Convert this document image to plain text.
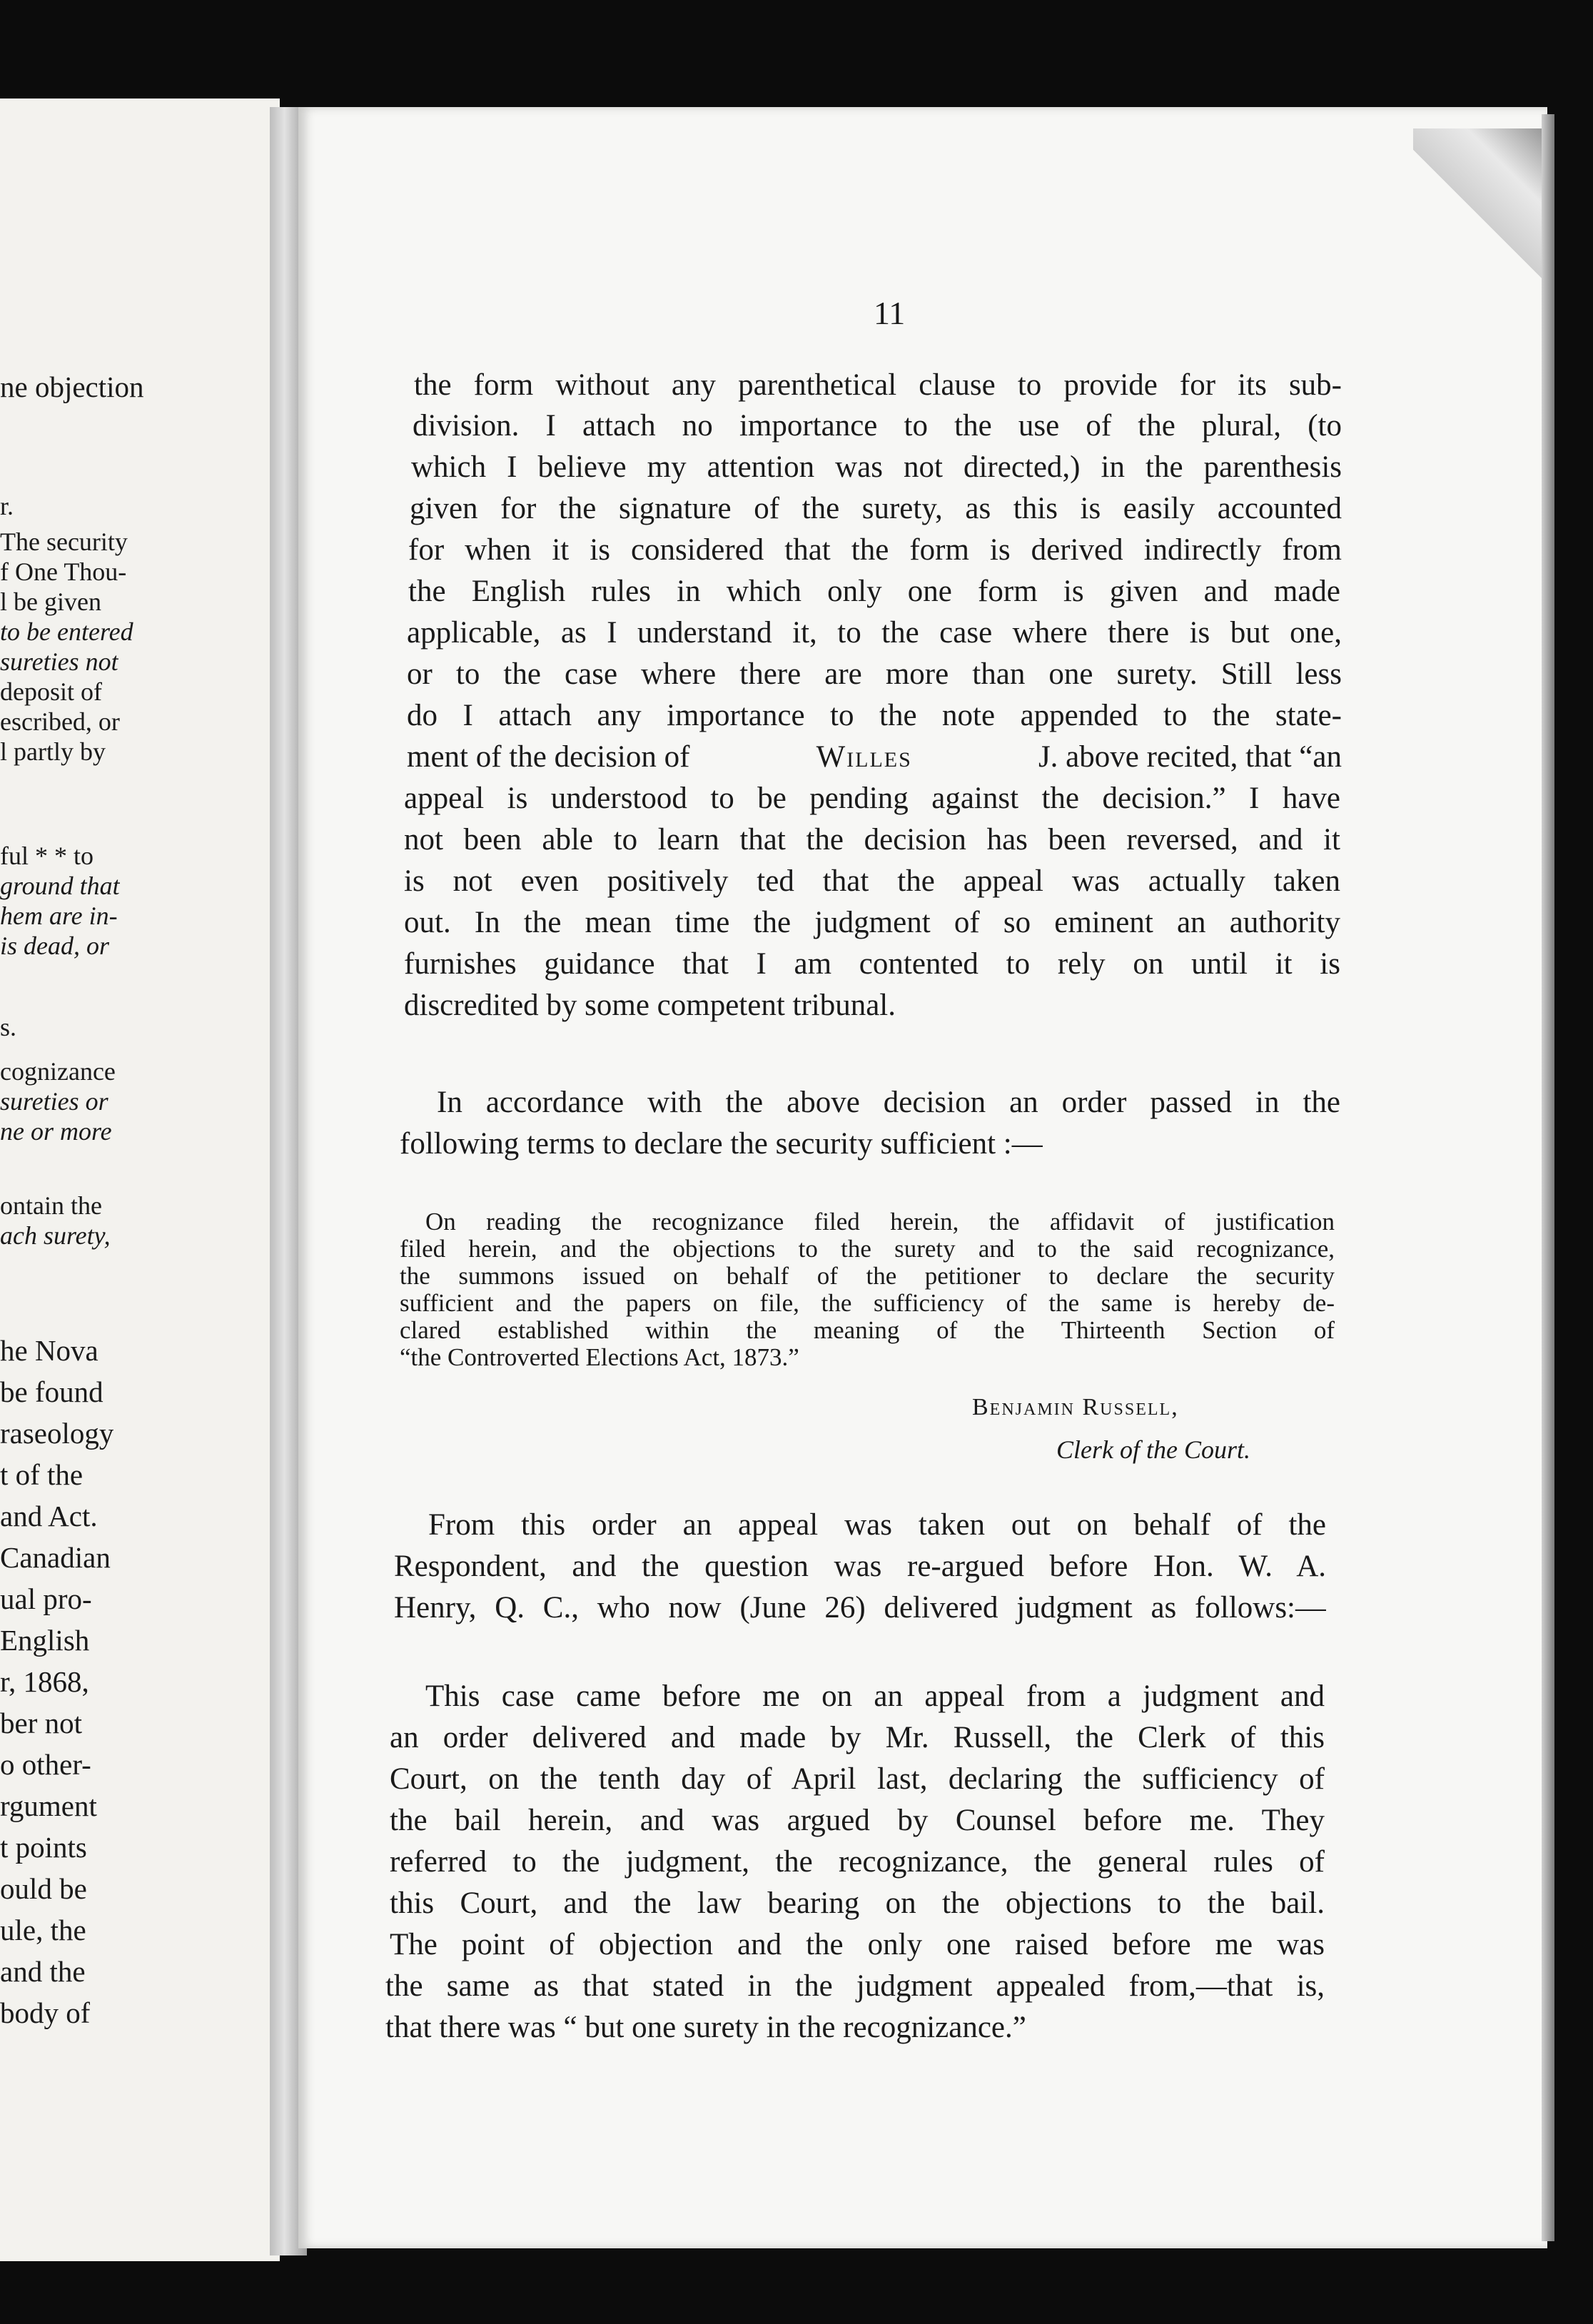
ne objection
r.
The security
f One Thou-
l be given
to be entered
sureties not
deposit of
escribed, or
l partly by
ful * * to
ground that
hem are in-
is dead, or
s.
cognizance
sureties or
ne or more
ontain the
ach surety,
he Nova
be found
raseology
t of the
and Act.
Canadian
ual pro-
English
r, 1868,
ber not
o other-
rgument
t points
ould be
ule, the
and the
body of
11
the form without any parenthetical clause to provide for its sub-
division. I attach no importance to the use of the plural, (to
which I believe my attention was not directed,) in the parenthesis
given for the signature of the surety, as this is easily accounted
for when it is considered that the form is derived indirectly from
the English rules in which only one form is given and made
applicable, as I understand it, to the case where there is but one,
or to the case where there are more than one surety. Still less
do I attach any importance to the note appended to the state-
ment of the decision of	Willes	J. above recited, that “an
appeal is understood to be pending against the decision.” I have
not been able to learn that the decision has been reversed, and it
is not even positively ted that the appeal was actually taken
out. In the mean time the judgment of so eminent an authority
furnishes guidance that I am contented to rely on until it is
discredited by some competent tribunal.
In accordance with the above decision an order passed in the
following terms to declare the security sufficient :—
On reading the recognizance filed herein, the affidavit of justification
filed herein, and the objections to the surety and to the said recognizance,
the summons issued on behalf of the petitioner to declare the security
sufficient and the papers on file, the sufficiency of the same is hereby de-
clared established within the meaning of the Thirteenth Section of
“the Controverted Elections Act, 1873.”
Benjamin Russell,
Clerk of the Court.
From this order an appeal was taken out on behalf of the
Respondent, and the question was re-argued before Hon. W. A.
Henry, Q. C., who now (June 26) delivered judgment as follows:—
This case came before me on an appeal from a judgment and
an order delivered and made by Mr. Russell, the Clerk of this
Court, on the tenth day of April last, declaring the sufficiency of
the bail herein, and was argued by Counsel before me. They
referred to the judgment, the recognizance, the general rules of
this Court, and the law bearing on the objections to the bail.
The point of objection and the only one raised before me was
the same as that stated in the judgment appealed from,—that is,
that there was “ but one surety in the recognizance.”
